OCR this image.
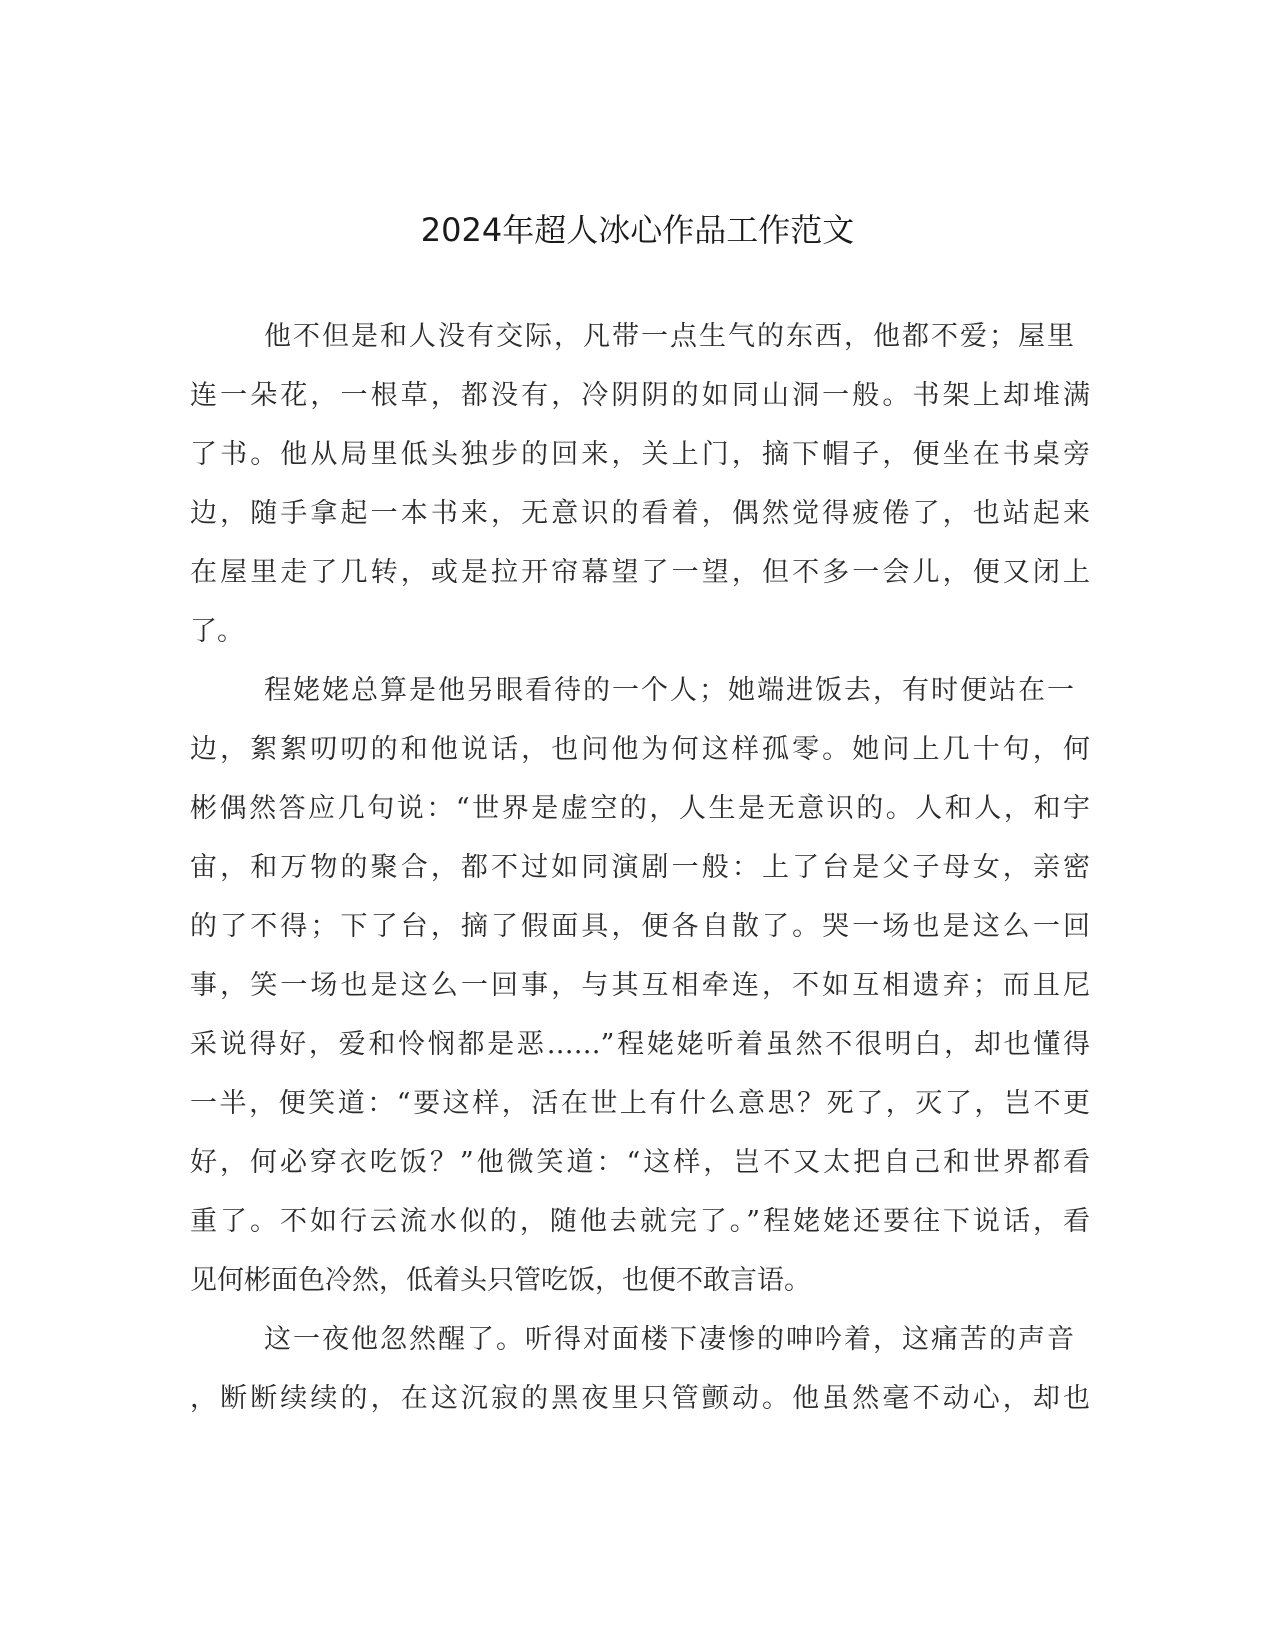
2024年超人冰心作品工作范文
他不但是和人没有交际，凡带一点生气的东西，他都不爱；屋里
连一朵花，一根草，都没有，冷阴阴的如同山洞一般。书架上却堆满
了书。他从局里低头独步的回来，关上门，摘下帽子，便坐在书桌旁
边，随手拿起一本书来，无意识的看着，偶然觉得疲倦了，也站起来
在屋里走了几转，或是拉开帘幕望了一望，但不多一会儿，便又闭上
了。
程姥姥总算是他另眼看待的一个人；她端进饭去，有时便站在一
边，絮絮叨叨的和他说话，也问他为何这样孤零。她问上几十句，何
彬偶然答应几句说：“世界是虚空的，人生是无意识的。人和人，和宇
宙，和万物的聚合，都不过如同演剧一般：上了台是父子母女，亲密
的了不得；下了台，摘了假面具，便各自散了。哭一场也是这么一回
事，笑一场也是这么一回事，与其互相牵连，不如互相遗弃；而且尼
采说得好，爱和怜悯都是恶……”程姥姥听着虽然不很明白，却也懂得
一半，便笑道：“要这样，活在世上有什么意思？死了，灭了，岂不更
好，何必穿衣吃饭？”他微笑道：“这样，岂不又太把自己和世界都看
重了。不如行云流水似的，随他去就完了。”程姥姥还要往下说话，看
见何彬面色冷然，低着头只管吃饭，也便不敢言语。
这一夜他忽然醒了。听得对面楼下凄惨的呻吟着，这痛苦的声音
，断断续续的，在这沉寂的黑夜里只管颤动。他虽然毫不动心，却也
